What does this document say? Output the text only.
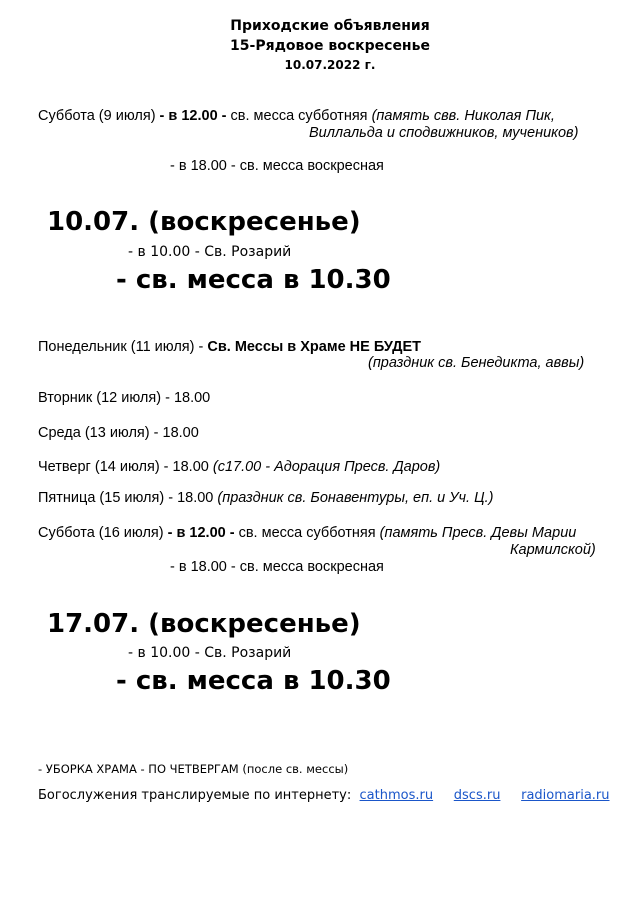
Приходские объявления
15-Рядовое воскресенье
10.07.2022 г.
Суббота (9 июля) - в 12.00 - св. месса субботняя (память свв. Николая Пик,
Виллальда и сподвижников, мучеников)
- в 18.00 - св. месса воскресная
10.07. (воскресенье)
- в 10.00 - Св. Розарий
- св. месса в 10.30
Понедельник (11 июля) - Св. Мессы в Храме НЕ БУДЕТ
(праздник св. Бенедикта, аввы)
Вторник (12 июля) - 18.00
Среда (13 июля) - 18.00
Четверг (14 июля) - 18.00 (с17.00 - Адорация Пресв. Даров)
Пятница (15 июля) - 18.00 (праздник св. Бонавентуры, еп. и Уч. Ц.)
Суббота (16 июля) - в 12.00 - св. месса субботняя (память Пресв. Девы Марии
Кармилской)
- в 18.00 - св. месса воскресная
17.07. (воскресенье)
- в 10.00 - Св. Розарий
- св. месса в 10.30
- УБОРКА ХРАМА - ПО ЧЕТВЕРГАМ (после св. мессы)
Богослужения транслируемые по интернету: cathmos.ru dscs.ru radiomaria.ru
